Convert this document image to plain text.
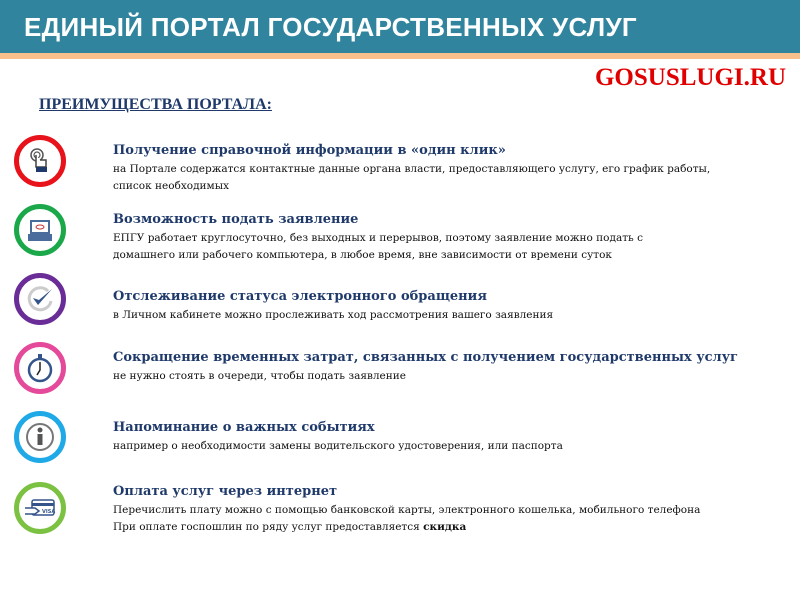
ЕДИНЫЙ ПОРТАЛ ГОСУДАРСТВЕННЫХ УСЛУГ
GOSUSLUGI.RU
ПРЕИМУЩЕСТВА ПОРТАЛА:
Получение справочной информации в «один клик»
на Портале содержатся контактные данные органа власти, предоставляющего услугу, его график работы,
список необходимых
Возможность подать заявление
ЕПГУ работает круглосуточно, без выходных и перерывов, поэтому заявление можно подать с
домашнего или рабочего компьютера, в любое время, вне зависимости от времени суток
Отслеживание статуса электронного обращения
в Личном кабинете можно прослеживать ход рассмотрения вашего заявления
Сокращение временных затрат, связанных с получением государственных услуг
не нужно стоять в очереди, чтобы подать заявление
Напоминание о важных событиях
например о необходимости замены водительского удостоверения, или паспорта
VISA
Оплата услуг через интернет
Перечислить плату можно с помощью банковской карты, электронного кошелька, мобильного телефона
При оплате госпошлин по ряду услуг предоставляется скидка
